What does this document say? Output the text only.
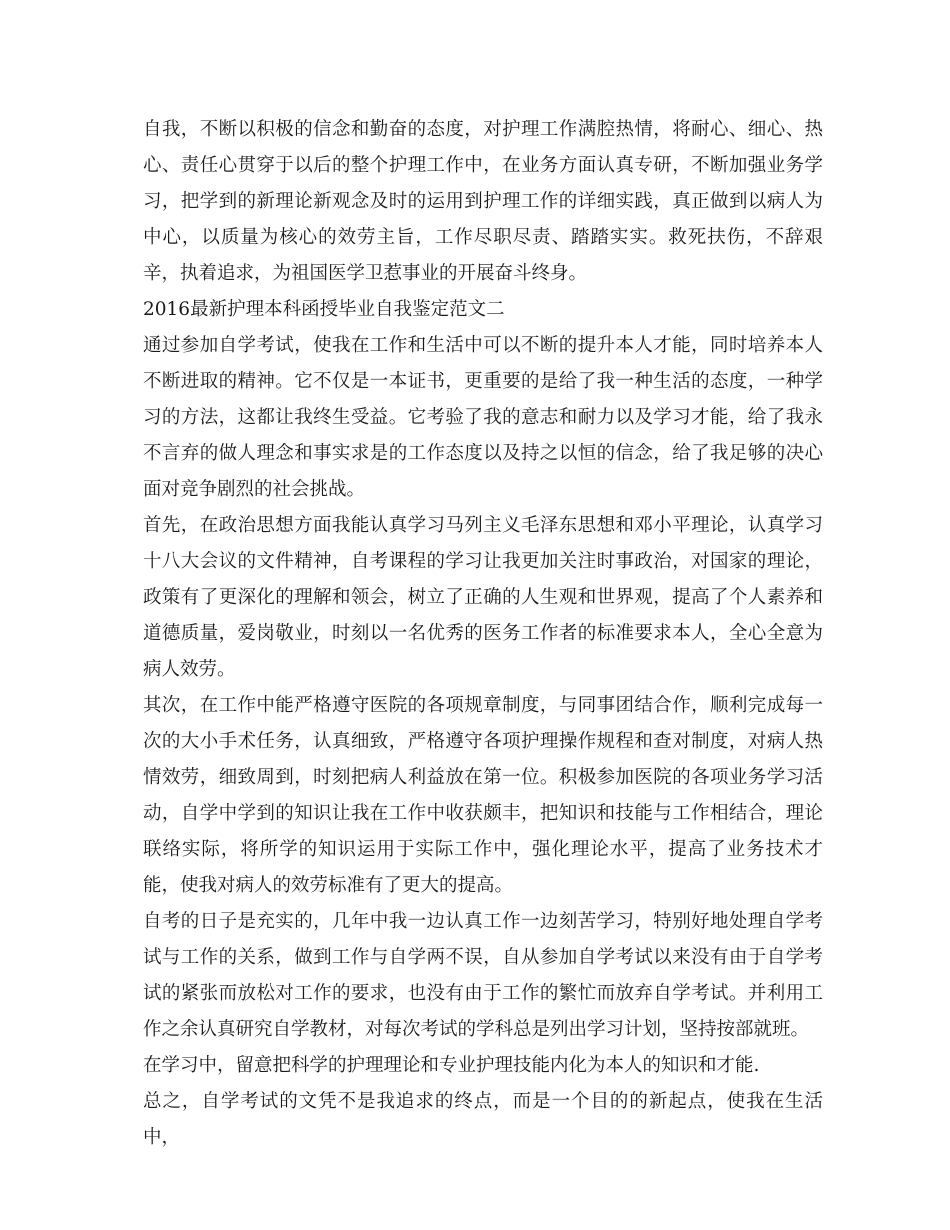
自我，不断以积极的信念和勤奋的态度，对护理工作满腔热情，将耐心、细心、热心、责任心贯穿于以后的整个护理工作中，在业务方面认真专研，不断加强业务学习，把学到的新理论新观念及时的运用到护理工作的详细实践，真正做到以病人为中心，以质量为核心的效劳主旨，工作尽职尽责、踏踏实实。救死扶伤，不辞艰辛，执着追求，为祖国医学卫惹事业的开展奋斗终身。

2016最新护理本科函授毕业自我鉴定范文二

通过参加自学考试，使我在工作和生活中可以不断的提升本人才能，同时培养本人不断进取的精神。它不仅是一本证书，更重要的是给了我一种生活的态度，一种学习的方法，这都让我终生受益。它考验了我的意志和耐力以及学习才能，给了我永不言弃的做人理念和事实求是的工作态度以及持之以恒的信念，给了我足够的决心面对竞争剧烈的社会挑战。

首先，在政治思想方面我能认真学习马列主义毛泽东思想和邓小平理论，认真学习十八大会议的文件精神，自考课程的学习让我更加关注时事政治，对国家的理论，政策有了更深化的理解和领会，树立了正确的人生观和世界观，提高了个人素养和道德质量，爱岗敬业，时刻以一名优秀的医务工作者的标准要求本人，全心全意为病人效劳。

其次，在工作中能严格遵守医院的各项规章制度，与同事团结合作，顺利完成每一次的大小手术任务，认真细致，严格遵守各项护理操作规程和查对制度，对病人热情效劳，细致周到，时刻把病人利益放在第一位。积极参加医院的各项业务学习活动，自学中学到的知识让我在工作中收获颇丰，把知识和技能与工作相结合，理论联络实际，将所学的知识运用于实际工作中，强化理论水平，提高了业务技术才能，使我对病人的效劳标准有了更大的提高。

自考的日子是充实的，几年中我一边认真工作一边刻苦学习，特别好地处理自学考试与工作的关系，做到工作与自学两不误，自从参加自学考试以来没有由于自学考试的紧张而放松对工作的要求，也没有由于工作的繁忙而放弃自学考试。并利用工作之余认真研究自学教材，对每次考试的学科总是列出学习计划，坚持按部就班。

在学习中，留意把科学的护理理论和专业护理技能内化为本人的知识和才能.

总之，自学考试的文凭不是我追求的终点，而是一个目的的新起点，使我在生活中，
